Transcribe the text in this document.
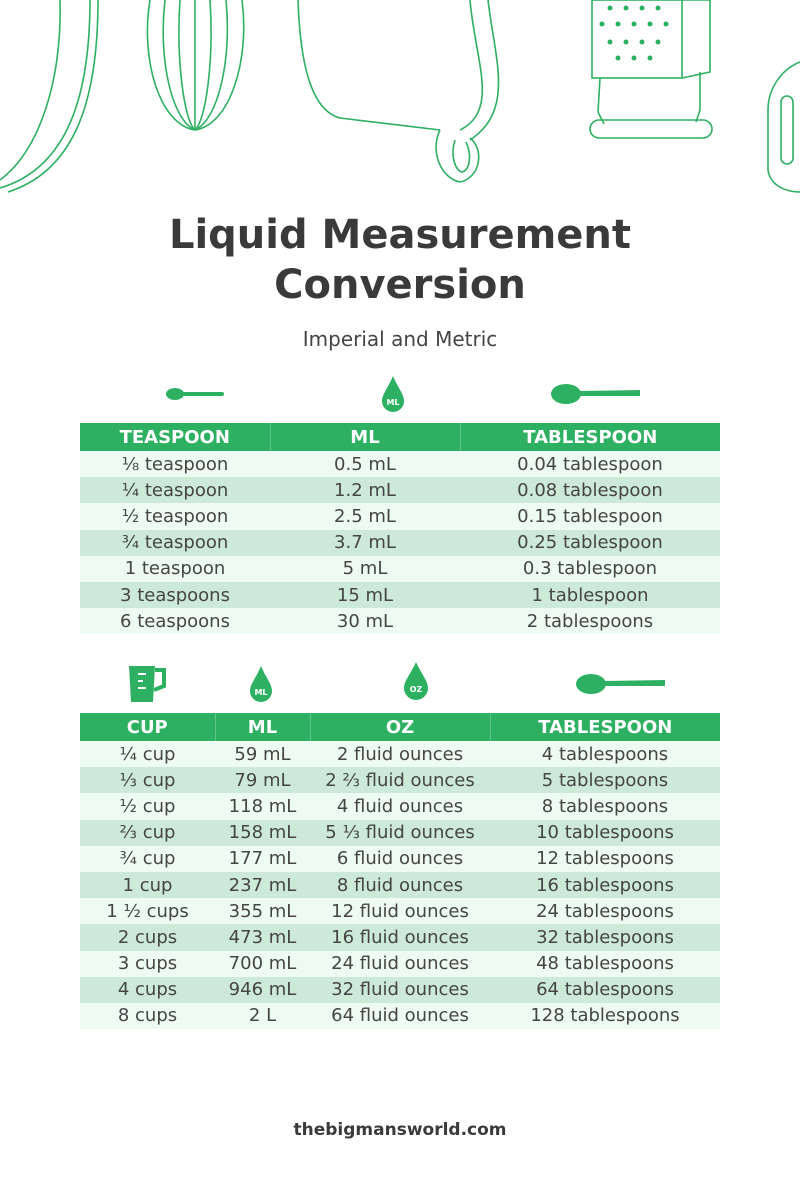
Liquid Measurement
Conversion
Imperial and Metric
ML
TEASPOON	ML	TABLESPOON
⅛ teaspoon	0.5 mL	0.04 tablespoon
¼ teaspoon	1.2 mL	0.08 tablespoon
½ teaspoon	2.5 mL	0.15 tablespoon
¾ teaspoon	3.7 mL	0.25 tablespoon
1 teaspoon	5 mL	0.3 tablespoon
3 teaspoons	15 mL	1 tablespoon
6 teaspoons	30 mL	2 tablespoons
ML	OZ
CUP	ML	OZ	TABLESPOON
¼ cup	59 mL	2 fluid ounces	4 tablespoons
⅓ cup	79 mL	2 ⅔ fluid ounces	5 tablespoons
½ cup	118 mL	4 fluid ounces	8 tablespoons
⅔ cup	158 mL	5 ⅓ fluid ounces	10 tablespoons
¾ cup	177 mL	6 fluid ounces	12 tablespoons
1 cup	237 mL	8 fluid ounces	16 tablespoons
1 ½ cups	355 mL	12 fluid ounces	24 tablespoons
2 cups	473 mL	16 fluid ounces	32 tablespoons
3 cups	700 mL	24 fluid ounces	48 tablespoons
4 cups	946 mL	32 fluid ounces	64 tablespoons
8 cups	2 L	64 fluid ounces	128 tablespoons
thebigmansworld.com
